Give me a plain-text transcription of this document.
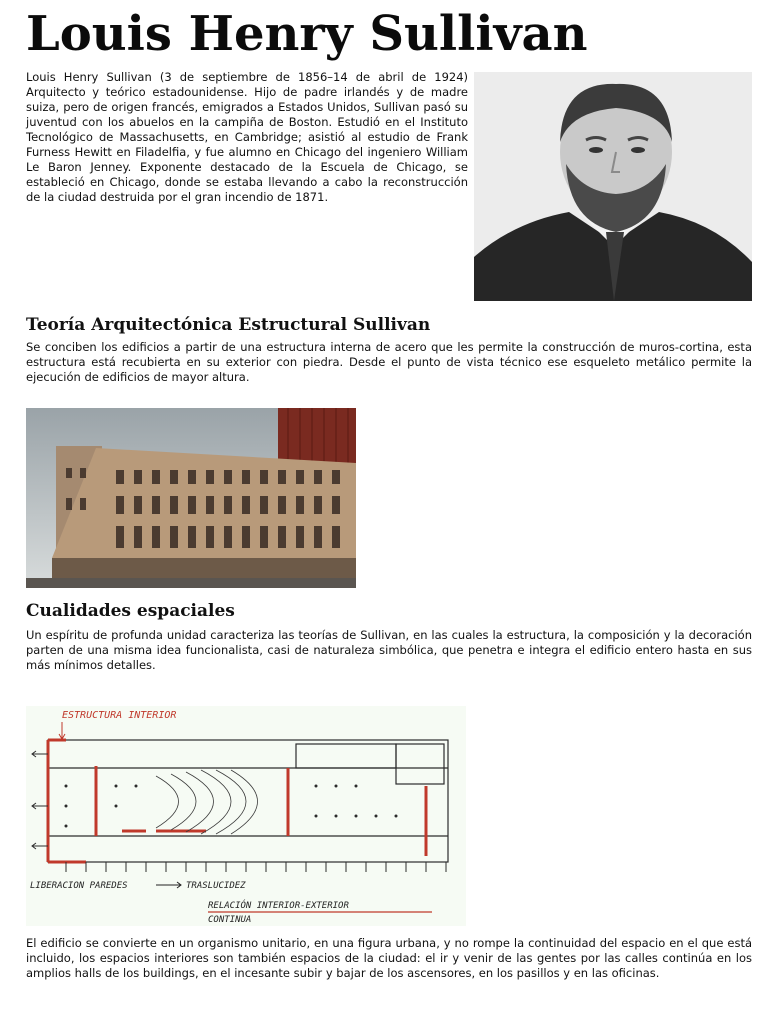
Louis Henry Sullivan

Louis Henry Sullivan (3 de septiembre de 1856–14 de abril de 1924) Arquitecto y teórico estadounidense. Hijo de padre irlandés y de madre suiza, pero de origen francés, emigrados a Estados Unidos, Sullivan pasó su juventud con los abuelos en la campiña de Boston. Estudió en el Instituto Tecnológico de Massachusetts, en Cambridge; asistió al estudio de Frank Furness Hewitt en Filadelfia, y fue alumno en Chicago del ingeniero William Le Baron Jenney. Exponente destacado de la Escuela de Chicago, se estableció en Chicago, donde se estaba llevando a cabo la reconstrucción de la ciudad destruida por el gran incendio de 1871.

Teoría Arquitectónica Estructural Sullivan

Se conciben los edificios a partir de una estructura interna de acero que les permite la construcción de muros-cortina, esta estructura está recubierta en su exterior con piedra. Desde el punto de vista técnico ese esqueleto metálico permite la ejecución de edificios de mayor altura.

Cualidades espaciales

Un espíritu de profunda unidad caracteriza las teorías de Sullivan, en las cuales la estructura, la composición y la decoración parten de una misma idea funcionalista, casi de naturaleza simbólica, que penetra e integra el edificio entero hasta en sus más mínimos detalles.

ESTRUCTURA INTERIOR
LIBERACION PAREDES	TRASLUCIDEZ
RELACIÓN INTERIOR-EXTERIOR
CONTINUA

El edificio se convierte en un organismo unitario, en una figura urbana, y no rompe la continuidad del espacio en el que está incluido, los espacios interiores son también espacios de la ciudad: el ir y venir de las gentes por las calles continúa en los amplios halls de los buildings, en el incesante subir y bajar de los ascensores, en los pasillos y en las oficinas.
